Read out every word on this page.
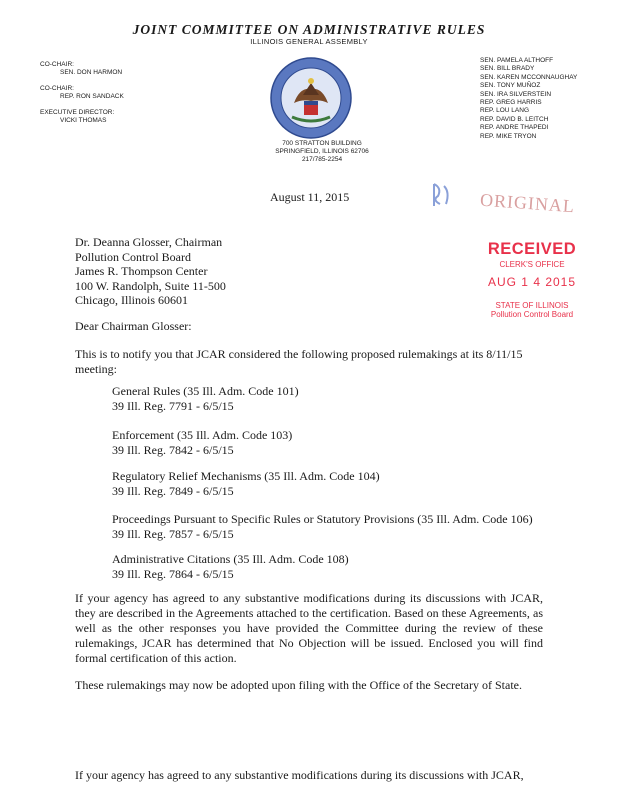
JOINT COMMITTEE ON ADMINISTRATIVE RULES
ILLINOIS GENERAL ASSEMBLY
CO-CHAIR:
SEN. DON HARMON
CO-CHAIR:
REP. RON SANDACK
EXECUTIVE DIRECTOR:
VICKI THOMAS
SEN. PAMELA ALTHOFF
SEN. BILL BRADY
SEN. KAREN MCCONNAUGHAY
SEN. TONY MUÑOZ
SEN. IRA SILVERSTEIN
REP. GREG HARRIS
REP. LOU LANG
REP. DAVID B. LEITCH
REP. ANDRE THAPEDI
REP. MIKE TRYON
700 STRATTON BUILDING
SPRINGFIELD, ILLINOIS 62706
217/785-2254
ORIGINAL
RECEIVED
CLERK'S OFFICE
AUG 1 4 2015
STATE OF ILLINOIS
Pollution Control Board
August 11, 2015
Dr. Deanna Glosser, Chairman
Pollution Control Board
James R. Thompson Center
100 W. Randolph, Suite 11-500
Chicago, Illinois 60601
Dear Chairman Glosser:
This is to notify you that JCAR considered the following proposed rulemakings at its 8/11/15
meeting:
General Rules (35 Ill. Adm. Code 101)
39 Ill. Reg. 7791 - 6/5/15
Enforcement (35 Ill. Adm. Code 103)
39 Ill. Reg. 7842 - 6/5/15
Regulatory Relief Mechanisms (35 Ill. Adm. Code 104)
39 Ill. Reg. 7849 - 6/5/15
Proceedings Pursuant to Specific Rules or Statutory Provisions (35 Ill. Adm. Code 106)
39 Ill. Reg. 7857 - 6/5/15
Administrative Citations (35 Ill. Adm. Code 108)
39 Ill. Reg. 7864 - 6/5/15
If your agency has agreed to any substantive modifications during its discussions with JCAR, they are described in the Agreements attached to the certification. Based on these Agreements, as well as the other responses you have provided the Committee during the review of these rulemakings, JCAR has determined that No Objection will be issued. Enclosed you will find formal certification of this action.
These rulemakings may now be adopted upon filing with the Office of the Secretary of State.
If your agency has agreed to any substantive modifications during its discussions with JCAR,
